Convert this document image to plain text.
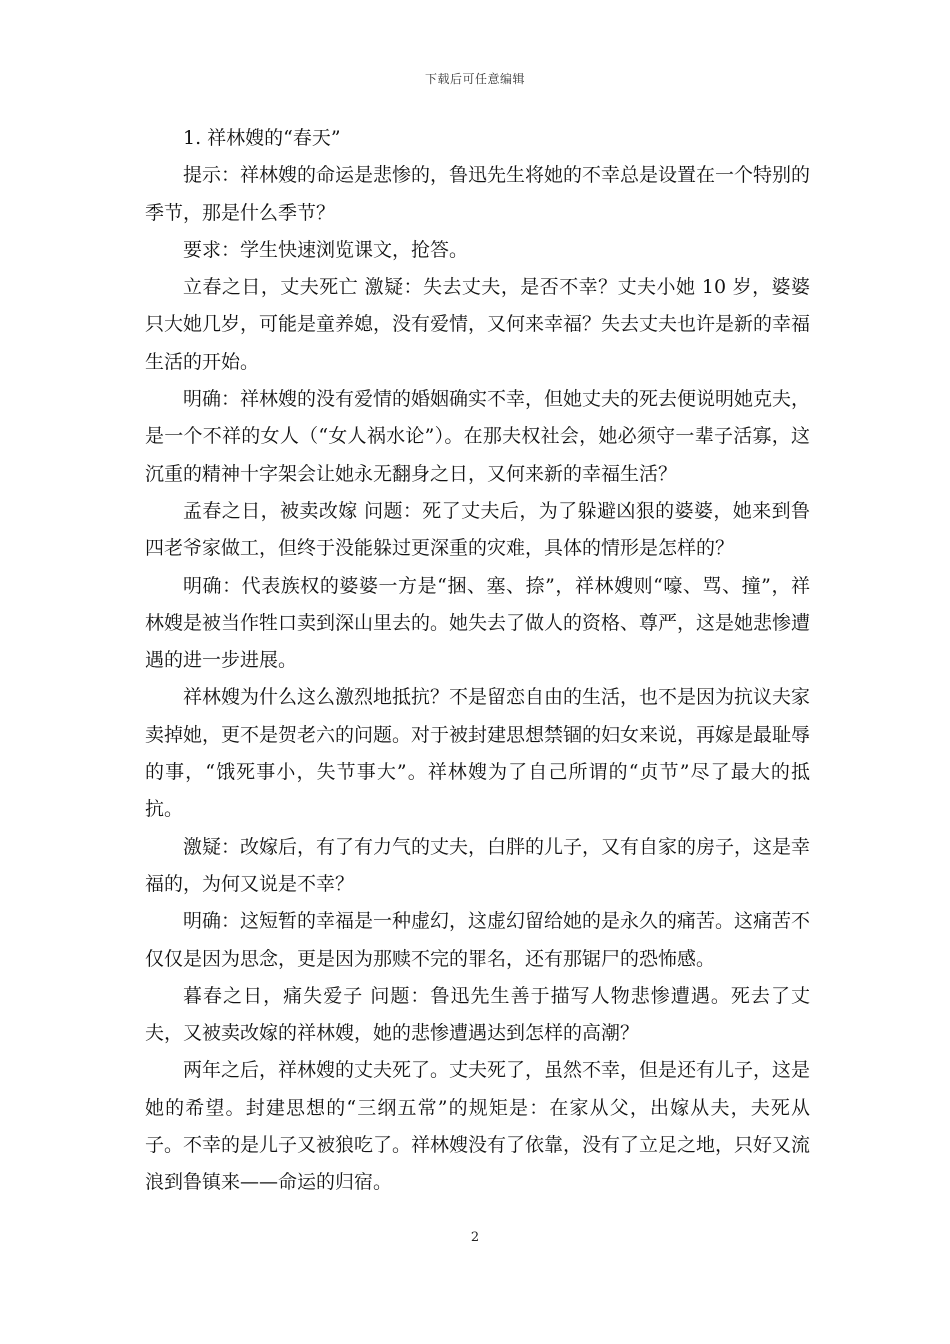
下载后可任意编辑

1. 祥林嫂的“春天”

提示：祥林嫂的命运是悲惨的，鲁迅先生将她的不幸总是设置在一个特别的季节，那是什么季节？

要求：学生快速浏览课文，抢答。

立春之日，丈夫死亡 激疑：失去丈夫，是否不幸？丈夫小她 10 岁，婆婆只大她几岁，可能是童养媳，没有爱情，又何来幸福？失去丈夫也许是新的幸福生活的开始。

明确：祥林嫂的没有爱情的婚姻确实不幸，但她丈夫的死去便说明她克夫，是一个不祥的女人（“女人祸水论”）。在那夫权社会，她必须守一辈子活寡，这沉重的精神十字架会让她永无翻身之日，又何来新的幸福生活？

孟春之日，被卖改嫁 问题：死了丈夫后，为了躲避凶狠的婆婆，她来到鲁四老爷家做工，但终于没能躲过更深重的灾难，具体的情形是怎样的？

明确：代表族权的婆婆一方是“捆、塞、捺”，祥林嫂则“嚎、骂、撞”，祥林嫂是被当作牲口卖到深山里去的。她失去了做人的资格、尊严，这是她悲惨遭遇的进一步进展。

祥林嫂为什么这么激烈地抵抗？不是留恋自由的生活，也不是因为抗议夫家卖掉她，更不是贺老六的问题。对于被封建思想禁锢的妇女来说，再嫁是最耻辱的事，“饿死事小，失节事大”。祥林嫂为了自己所谓的“贞节”尽了最大的抵抗。

激疑：改嫁后，有了有力气的丈夫，白胖的儿子，又有自家的房子，这是幸福的，为何又说是不幸？

明确：这短暂的幸福是一种虚幻，这虚幻留给她的是永久的痛苦。这痛苦不仅仅是因为思念，更是因为那赎不完的罪名，还有那锯尸的恐怖感。

暮春之日，痛失爱子 问题：鲁迅先生善于描写人物悲惨遭遇。死去了丈夫，又被卖改嫁的祥林嫂，她的悲惨遭遇达到怎样的高潮？

两年之后，祥林嫂的丈夫死了。丈夫死了，虽然不幸，但是还有儿子，这是她的希望。封建思想的“三纲五常”的规矩是：在家从父，出嫁从夫，夫死从子。不幸的是儿子又被狼吃了。祥林嫂没有了依靠，没有了立足之地，只好又流浪到鲁镇来——命运的归宿。

2
